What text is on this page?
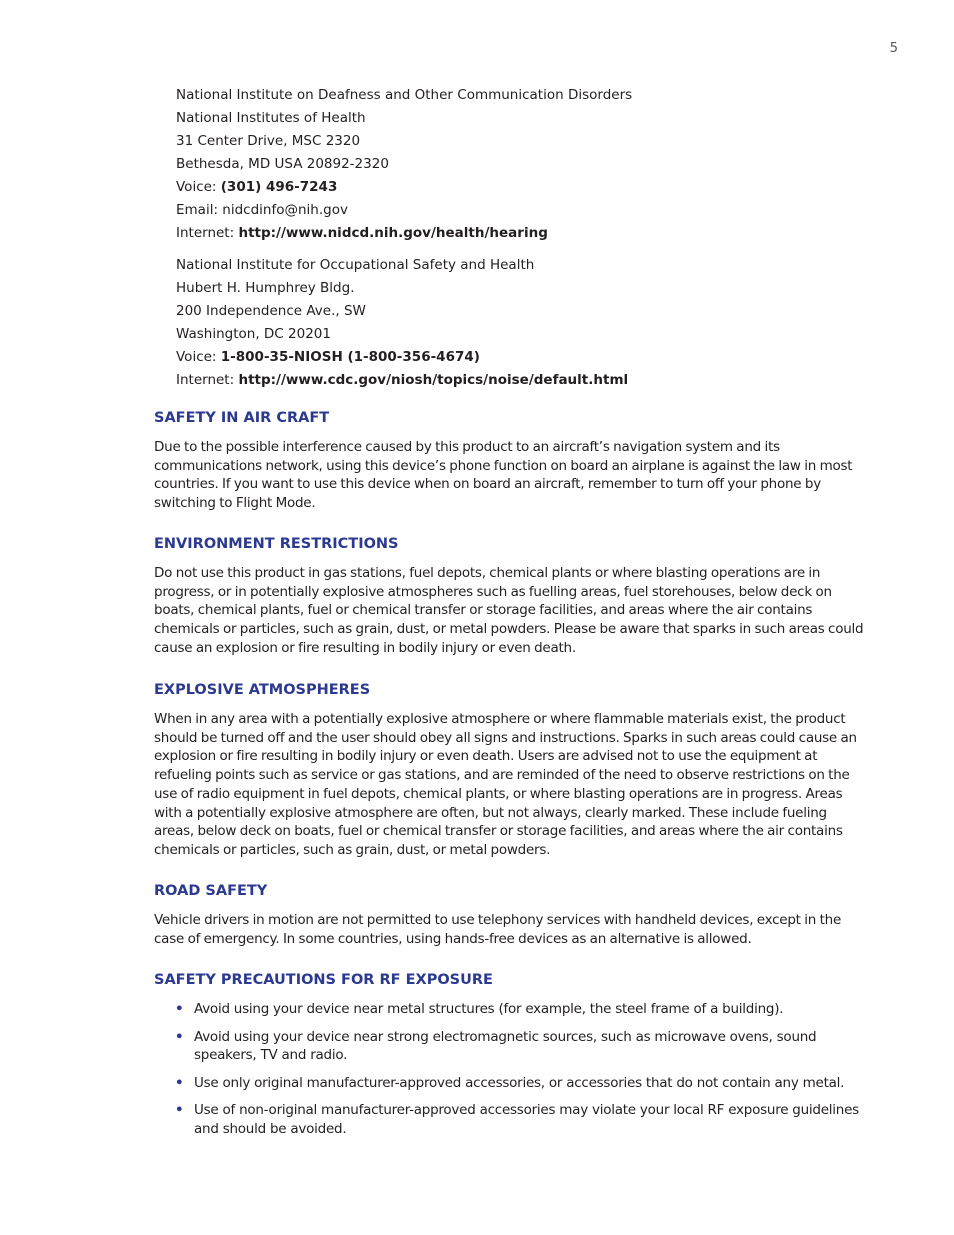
5
National Institute on Deafness and Other Communication Disorders
National Institutes of Health
31 Center Drive, MSC 2320
Bethesda, MD USA 20892-2320
Voice: (301) 496-7243
Email: nidcdinfo@nih.gov
Internet: http://www.nidcd.nih.gov/health/hearing
National Institute for Occupational Safety and Health
Hubert H. Humphrey Bldg.
200 Independence Ave., SW
Washington, DC 20201
Voice: 1-800-35-NIOSH (1-800-356-4674)
Internet: http://www.cdc.gov/niosh/topics/noise/default.html
SAFETY IN AIR CRAFT

Due to the possible interference caused by this product to an aircraft’s navigation system and its communications network, using this device’s phone function on board an airplane is against the law in most countries. If you want to use this device when on board an aircraft, remember to turn off your phone by switching to Flight Mode.

ENVIRONMENT RESTRICTIONS

Do not use this product in gas stations, fuel depots, chemical plants or where blasting operations are in progress, or in potentially explosive atmospheres such as fuelling areas, fuel storehouses, below deck on boats, chemical plants, fuel or chemical transfer or storage facilities, and areas where the air contains chemicals or particles, such as grain, dust, or metal powders. Please be aware that sparks in such areas could cause an explosion or fire resulting in bodily injury or even death.

EXPLOSIVE ATMOSPHERES

When in any area with a potentially explosive atmosphere or where flammable materials exist, the product should be turned off and the user should obey all signs and instructions. Sparks in such areas could cause an explosion or fire resulting in bodily injury or even death. Users are advised not to use the equipment at refueling points such as service or gas stations, and are reminded of the need to observe restrictions on the use of radio equipment in fuel depots, chemical plants, or where blasting operations are in progress. Areas with a potentially explosive atmosphere are often, but not always, clearly marked. These include fueling areas, below deck on boats, fuel or chemical transfer or storage facilities, and areas where the air contains chemicals or particles, such as grain, dust, or metal powders.

ROAD SAFETY

Vehicle drivers in motion are not permitted to use telephony services with handheld devices, except in the case of emergency. In some countries, using hands-free devices as an alternative is allowed.

SAFETY PRECAUTIONS FOR RF EXPOSURE
• Avoid using your device near metal structures (for example, the steel frame of a building).
• Avoid using your device near strong electromagnetic sources, such as microwave ovens, sound speakers, TV and radio.
• Use only original manufacturer-approved accessories, or accessories that do not contain any metal.
• Use of non-original manufacturer-approved accessories may violate your local RF exposure guidelines and should be avoided.
